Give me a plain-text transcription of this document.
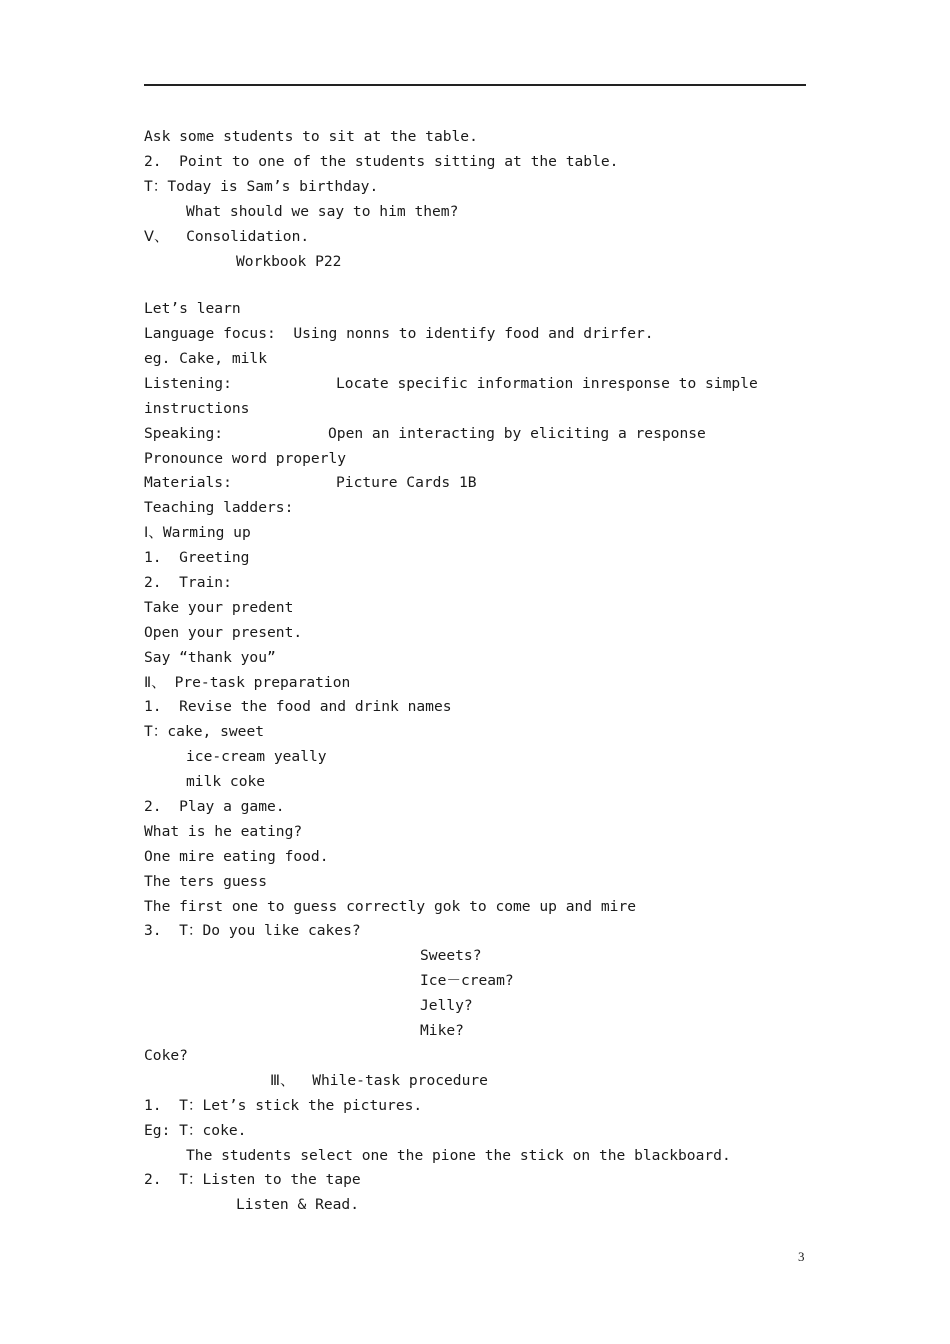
Ask some students to sit at the table.
2.  Point to one of the students sitting at the table.
T：Today is Sam’s birthday.
What should we say to him them?
Ⅴ、  Consolidation.
Workbook P22
Let’s learn
Language focus:  Using nonns to identify food and drirfer.
eg. Cake, milk
Listening:	Locate specific information inresponse to simple
instructions
Speaking:	Open an interacting by eliciting a response
Pronounce word properly
Materials:	Picture Cards 1B
Teaching ladders:
Ⅰ、Warming up
1.  Greeting
2.  Train:
Take your predent
Open your present.
Say “thank you”
Ⅱ、 Pre-task preparation
1.  Revise the food and drink names
T：cake, sweet
ice-cream yeally
milk coke
2.  Play a game.
What is he eating?
One mire eating food.
The ters guess
The first one to guess correctly gok to come up and mire
3.  T：Do you like cakes?
Sweets?
Ice－cream?
Jelly?
Mike?
Coke?
Ⅲ、  While-task procedure
1.  T：Let’s stick the pictures.
Eg: T：coke.
The students select one the pione the stick on the blackboard.
2.  T：Listen to the tape
Listen & Read.
3
